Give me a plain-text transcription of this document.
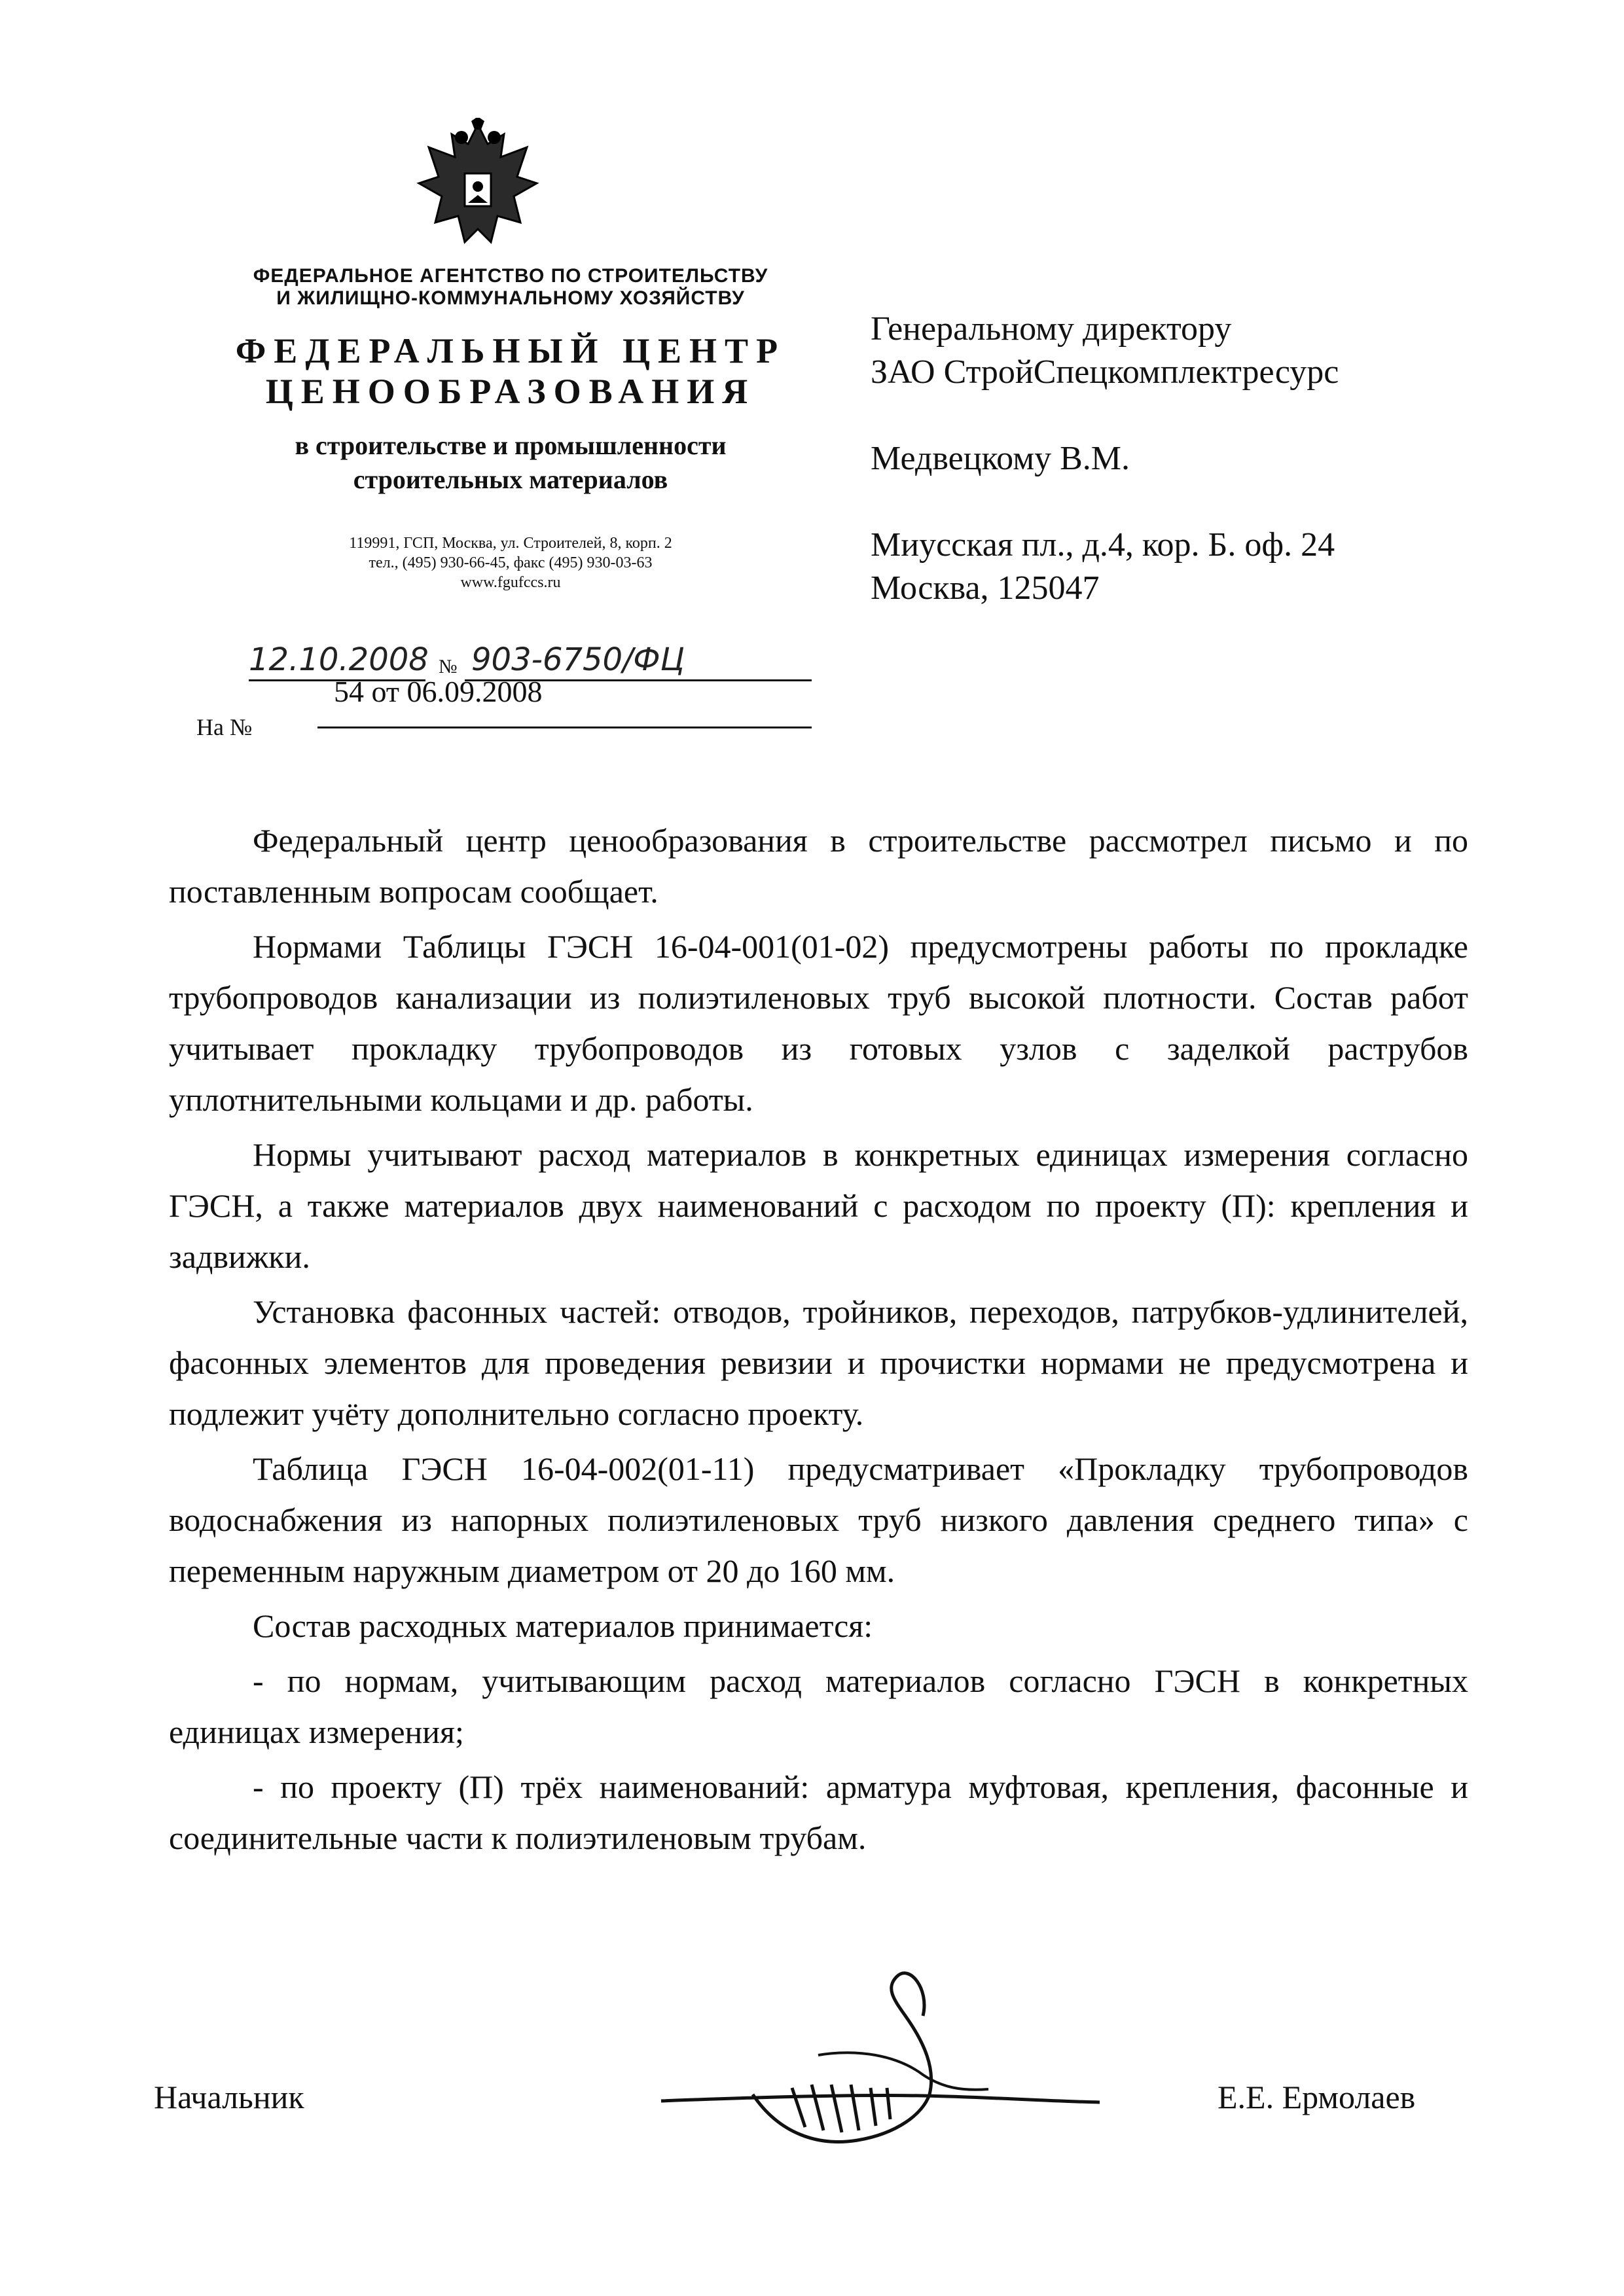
ФЕДЕРАЛЬНОЕ АГЕНТСТВО ПО СТРОИТЕЛЬСТВУ
И ЖИЛИЩНО-КОММУНАЛЬНОМУ ХОЗЯЙСТВУ
ФЕДЕРАЛЬНЫЙ ЦЕНТР
ЦЕНООБРАЗОВАНИЯ
в строительстве и промышленности
строительных материалов
119991, ГСП, Москва, ул. Строителей, 8, корп. 2
тел., (495) 930-66-45, факс (495) 930-03-63
www.fgufccs.ru
12.10.2008 № 903-6750/ФЦ
54 от 06.09.2008
На №
Генеральному директору
ЗАО СтройСпецкомплектресурс
Медвецкому В.М.
Миусская пл., д.4, кор. Б. оф. 24
Москва, 125047

Федеральный центр ценообразования в строительстве рассмотрел письмо и по поставленным вопросам сообщает.

Нормами Таблицы ГЭСН 16-04-001(01-02) предусмотрены работы по прокладке трубопроводов канализации из полиэтиленовых труб высокой плотности. Состав работ учитывает прокладку трубопроводов из готовых узлов с заделкой раструбов уплотнительными кольцами и др. работы.

Нормы учитывают расход материалов в конкретных единицах измерения согласно ГЭСН, а также материалов двух наименований с расходом по проекту (П): крепления и задвижки.

Установка фасонных частей: отводов, тройников, переходов, патрубков-удлинителей, фасонных элементов для проведения ревизии и прочистки нормами не предусмотрена и подлежит учёту дополнительно согласно проекту.

Таблица ГЭСН 16-04-002(01-11) предусматривает «Прокладку трубопроводов водоснабжения из напорных полиэтиленовых труб низкого давления среднего типа» с переменным наружным диаметром от 20 до 160 мм.

Состав расходных материалов принимается:

- по нормам, учитывающим расход материалов согласно ГЭСН в конкретных единицах измерения;

- по проекту (П) трёх наименований: арматура муфтовая, крепления, фасонные и соединительные части к полиэтиленовым трубам.

Начальник	Е.Е. Ермолаев
